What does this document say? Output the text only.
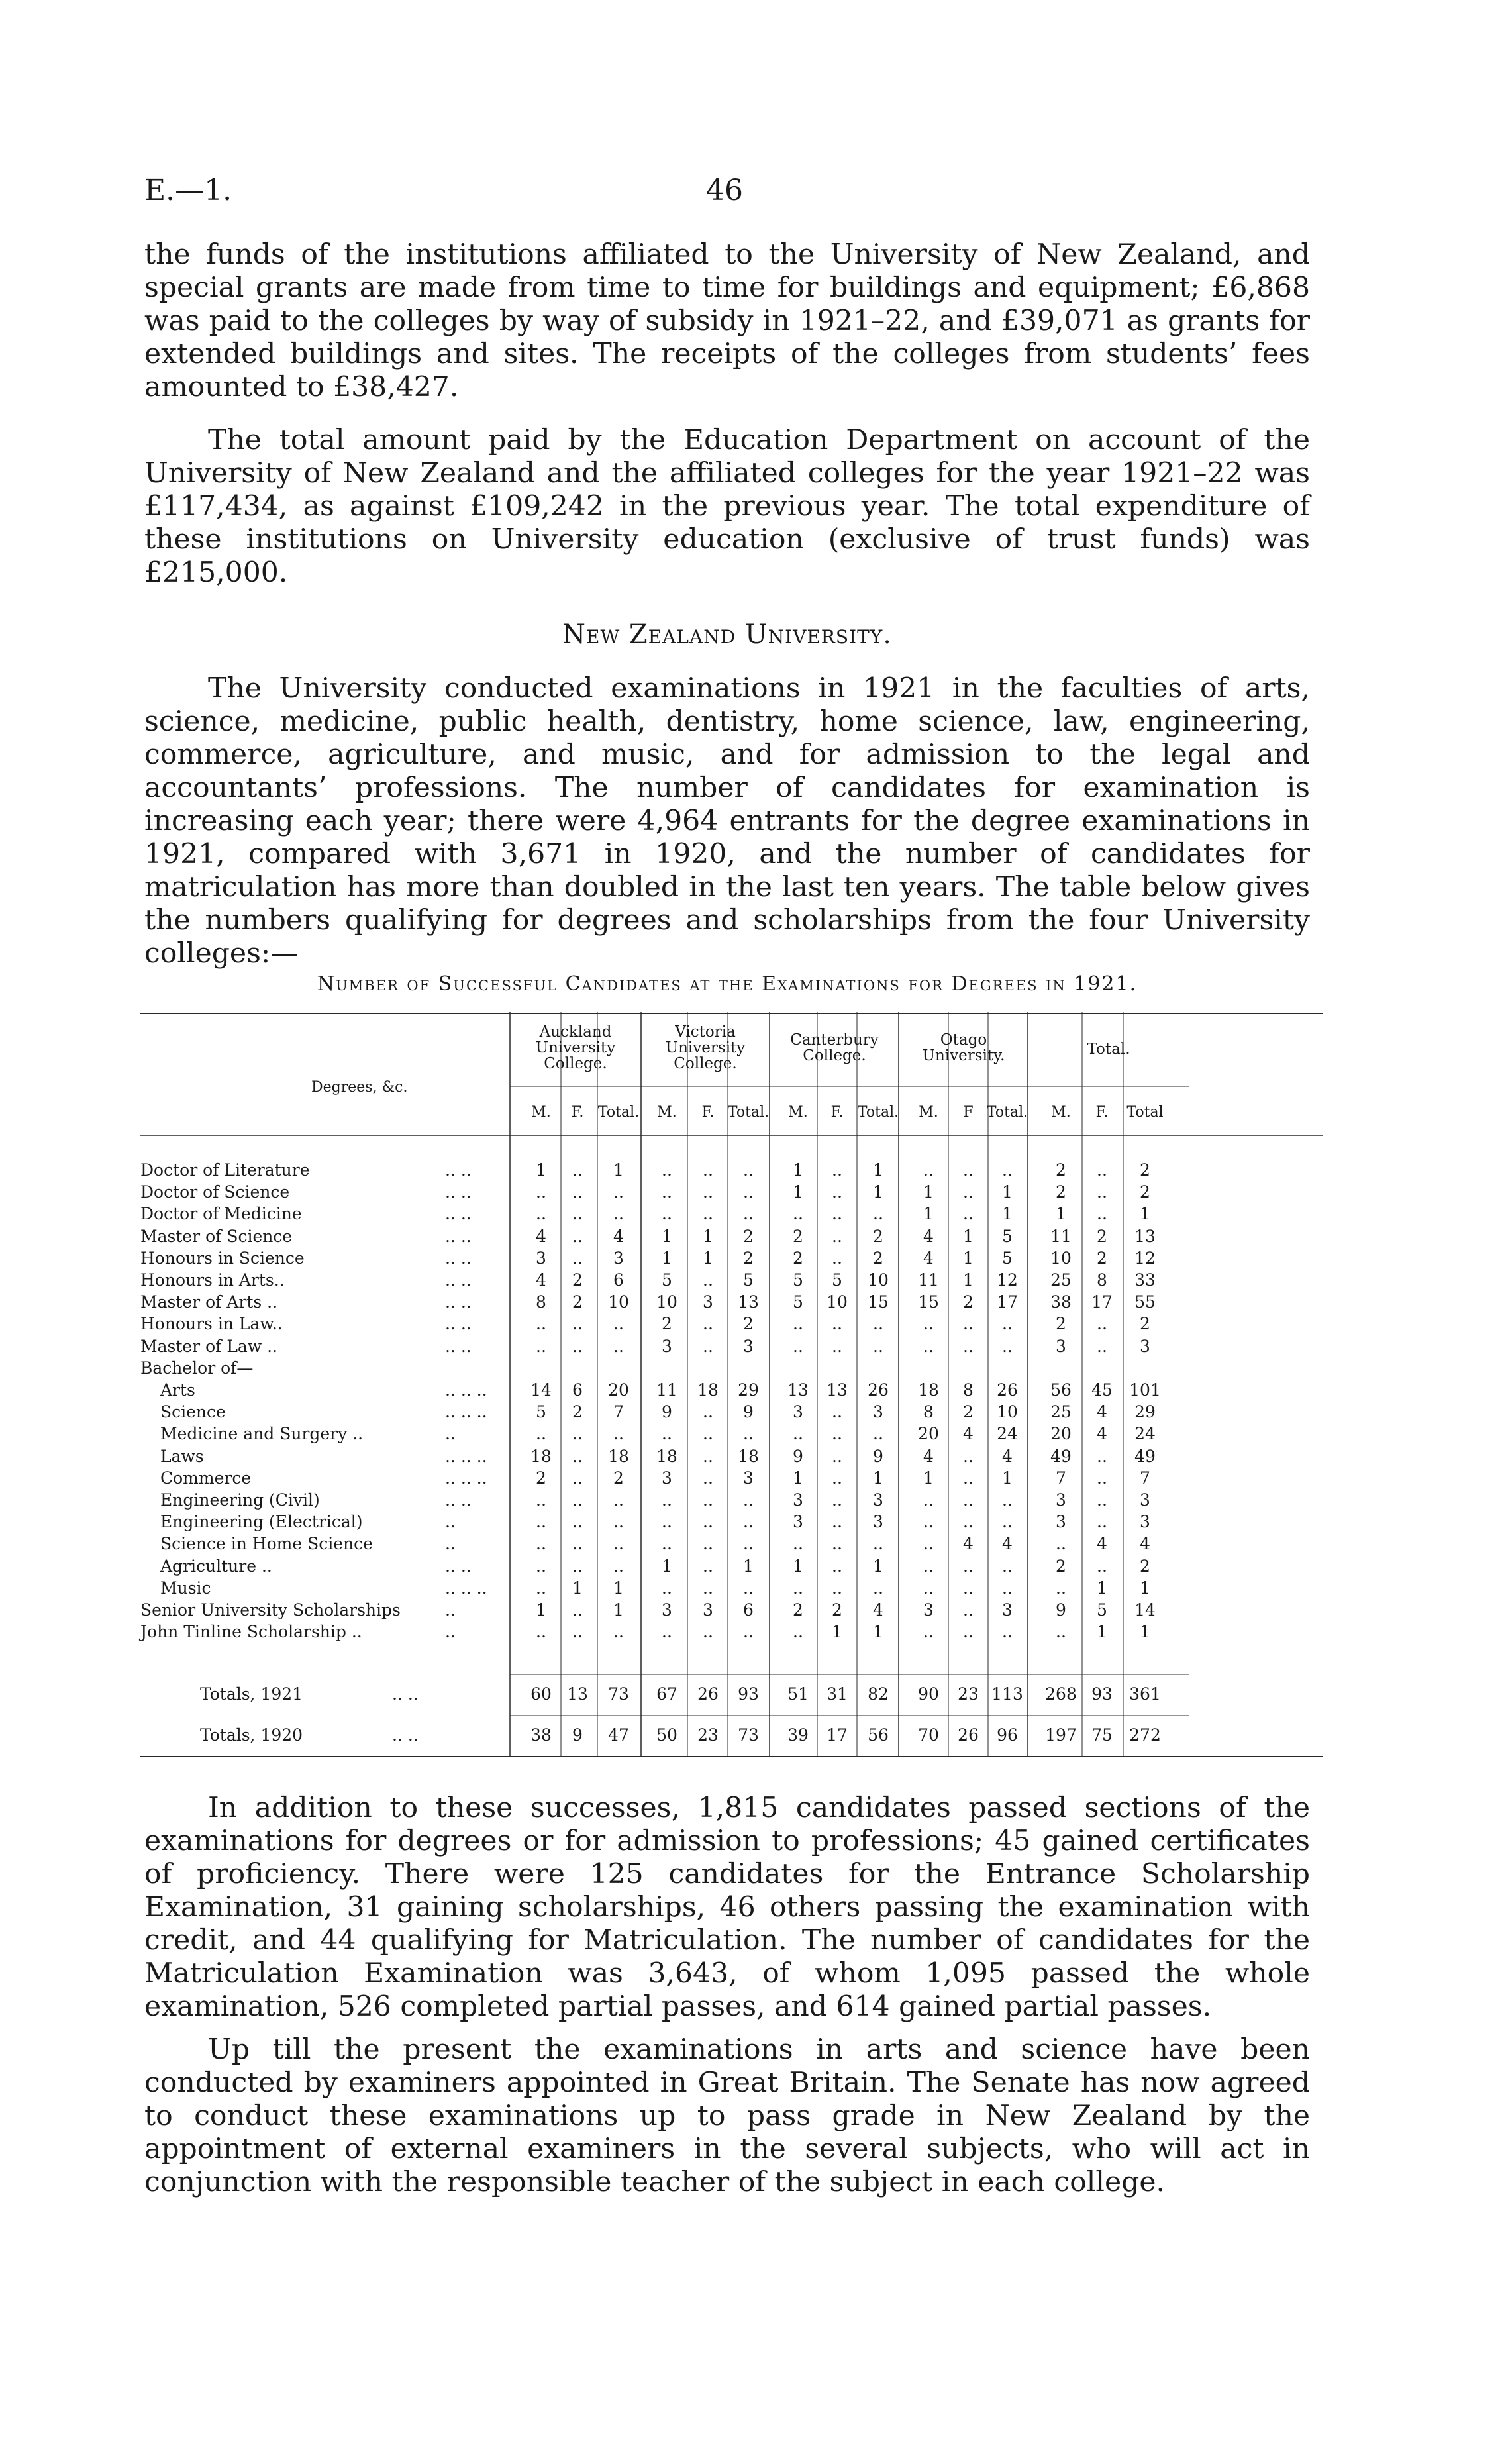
E.—1.	46

the funds of the institutions affiliated to the University of New Zealand, and special grants are made from time to time for buildings and equipment; £6,868 was paid to the colleges by way of subsidy in 1921–22, and £39,071 as grants for extended buildings and sites. The receipts of the colleges from students’ fees amounted to £38,427.

The total amount paid by the Education Department on account of the University of New Zealand and the affiliated colleges for the year 1921–22 was £117,434, as against £109,242 in the previous year. The total expenditure of these institutions on University education (exclusive of trust funds) was £215,000.

New Zealand University.

The University conducted examinations in 1921 in the faculties of arts, science, medicine, public health, dentistry, home science, law, engineering, commerce, agriculture, and music, and for admission to the legal and accountants’ professions. The number of candidates for examination is increasing each year; there were 4,964 entrants for the degree examinations in 1921, compared with 3,671 in 1920, and the number of candidates for matriculation has more than doubled in the last ten years. The table below gives the numbers qualifying for degrees and scholarships from the four University colleges:—

Number of Successful Candidates at the Examinations for Degrees in 1921.
Degrees, &c.
Auckland
University
College.
Victoria
University
College.
Canterbury
College.
Otago
University.	Total.
M. F. Total. M. F. Total. M. F. Total. M. F Total. M. F. Total
Doctor of Literature	.. ..	1 .. 1 .. .. .. 1 .. 1 .. .. ..	2 .. 2
Doctor of Science	.. ..	.. .. .. .. .. .. 1 .. 1 1 .. 1	2 .. 2
Doctor of Medicine	.. ..	.. .. .. .. .. .. .. .. .. 1 .. 1	1 .. 1
Master of Science	.. ..	4 .. 4 1 1 2 2 .. 2 4 1 5 11 2 13
Honours in Science	.. ..	3 .. 3 1 1 2 2 .. 2 4 1 5 10 2 12
Honours in Arts..	.. ..	4 2 6 5 .. 5 5 5 10 11 1 12 25 8 33
Master of Arts ..	.. ..	8 2 10 10 3 13 5 10 15 15 2 17 38 17 55
Honours in Law..	.. ..	.. .. .. 2 .. 2 .. .. .. .. .. ..	2 .. 2
Master of Law ..	.. ..	.. .. .. 3 .. 3 .. .. .. .. .. ..	3 .. 3
Bachelor of—
Arts	.. .. ..	14 6 20 11 18 29 13 13 26 18 8 26 56 45 101
Science	.. .. ..	5 2 7 9 .. 9 3 .. 3 8 2 10 25 4 29
Medicine and Surgery ..	..	.. .. .. .. .. .. .. .. .. 20 4 24 20 4 24
Laws	.. .. ..	18 .. 18 18 .. 18 9 .. 9 4 .. 4 49 .. 49
Commerce	.. .. ..	2 .. 2 3 .. 3 1 .. 1 1 .. 1	7 .. 7
Engineering (Civil)	.. ..	.. .. .. .. .. .. 3 .. 3 .. .. ..	3 .. 3
Engineering (Electrical)	..	.. .. .. .. .. .. 3 .. 3 .. .. ..	3 .. 3
Science in Home Science	..	.. .. .. .. .. .. .. .. .. .. 4 4	.. 4 4
Agriculture ..	.. ..	.. .. .. 1 .. 1 1 .. 1 .. .. ..	2 .. 2
Music	.. .. ..	.. 1 1 .. .. .. .. .. .. .. .. ..	.. 1 1
Senior University Scholarships	..	1 .. 1 3 3 6 2 2 4 3 .. 3	9 5 14
John Tinline Scholarship ..	..	.. .. .. .. .. .. .. 1 1 .. .. ..	.. 1 1
Totals, 1921	.. ..	60 13 73 67 26 93 51 31 82 90 23 113 268 93 361
Totals, 1920	.. ..	38 9 47 50 23 73 39 17 56 70 26 96 197 75 272

In addition to these successes, 1,815 candidates passed sections of the examinations for degrees or for admission to professions; 45 gained certificates of proficiency. There were 125 candidates for the Entrance Scholarship Examination, 31 gaining scholarships, 46 others passing the examination with credit, and 44 qualifying for Matriculation. The number of candidates for the Matriculation Examination was 3,643, of whom 1,095 passed the whole examination, 526 completed partial passes, and 614 gained partial passes.

Up till the present the examinations in arts and science have been conducted by examiners appointed in Great Britain. The Senate has now agreed to conduct these examinations up to pass grade in New Zealand by the appointment of external examiners in the several subjects, who will act in conjunction with the responsible teacher of the subject in each college.
